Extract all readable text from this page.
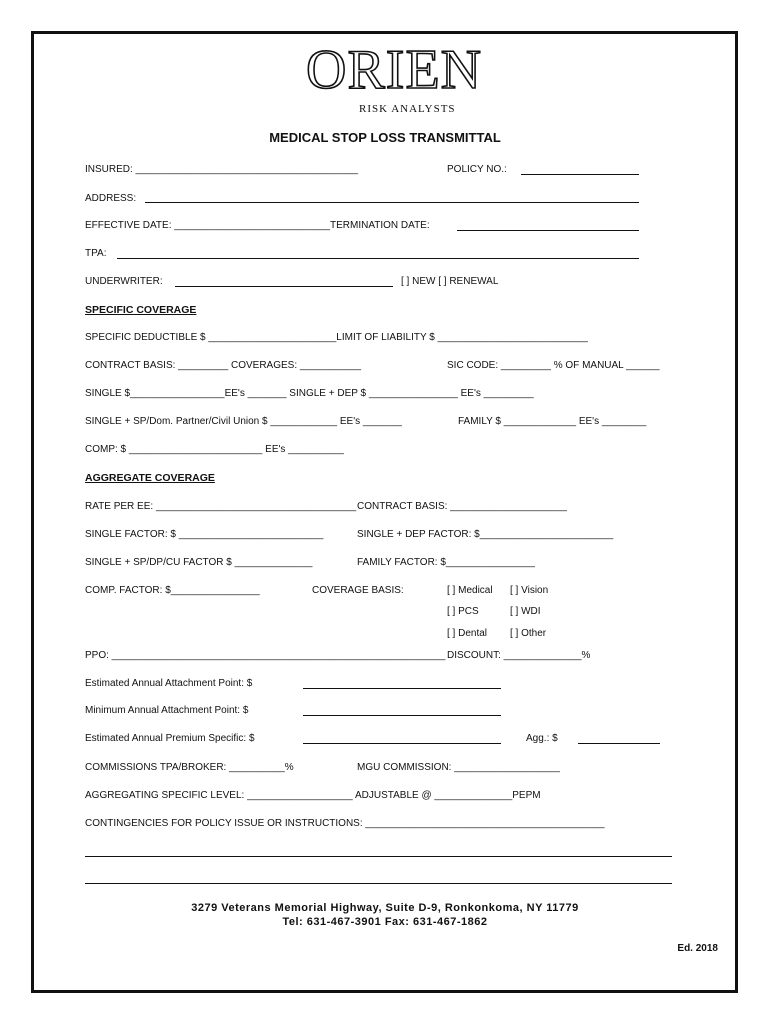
ORIEN
RISK ANALYSTS
MEDICAL STOP LOSS TRANSMITTAL
INSURED: ________________________________________	POLICY NO.:
ADDRESS:
EFFECTIVE DATE: ____________________________TERMINATION DATE:
TPA:
UNDERWRITER:	[ ] NEW [ ] RENEWAL
SPECIFIC COVERAGE
SPECIFIC DEDUCTIBLE $ _______________________LIMIT OF LIABILITY $ ___________________________
CONTRACT BASIS: _________ COVERAGES: ___________	SIC CODE: _________ % OF MANUAL ______
SINGLE $_________________EE's _______ SINGLE + DEP $ ________________ EE's _________
SINGLE + SP/Dom. Partner/Civil Union $ ____________ EE's _______	FAMILY $ _____________ EE's ________
COMP: $ ________________________ EE's __________
AGGREGATE COVERAGE
RATE PER EE: ____________________________________ CONTRACT BASIS: _____________________
SINGLE FACTOR: $ __________________________	SINGLE + DEP FACTOR: $________________________
SINGLE + SP/DP/CU FACTOR $ ______________	FAMILY FACTOR: $________________
COMP. FACTOR: $________________	COVERAGE BASIS:	[ ] Medical [ ] Vision
[ ] PCS	[ ] WDI
[ ] Dental [ ] Other
PPO: ____________________________________________________________ DISCOUNT: ______________%
Estimated Annual Attachment Point: $
Minimum Annual Attachment Point: $
Estimated Annual Premium Specific: $	Agg.: $
COMMISSIONS TPA/BROKER: __________%	MGU COMMISSION: ___________________
AGGREGATING SPECIFIC LEVEL: ___________________ ADJUSTABLE @ ______________PEPM
CONTINGENCIES FOR POLICY ISSUE OR INSTRUCTIONS: ___________________________________________
3279 Veterans Memorial Highway, Suite D-9, Ronkonkoma, NY 11779
Tel: 631-467-3901 Fax: 631-467-1862
Ed. 2018
